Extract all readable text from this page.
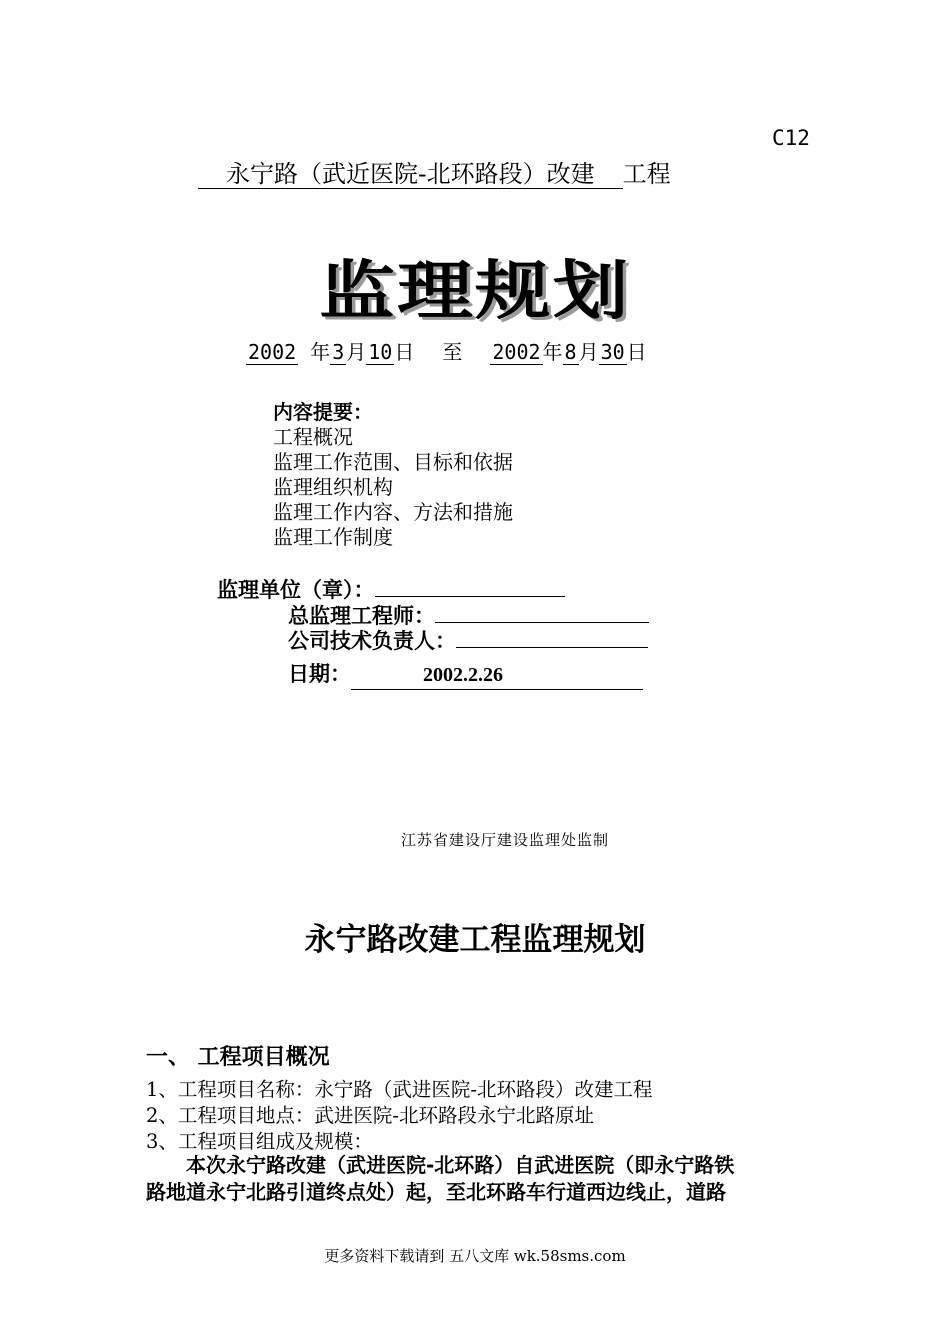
C12
永宁路（武近医院-北环路段）改建 工程
监理规划
2002 年 3 月 10 日 至 2002 年 8 月 30 日
内容提要：
工程概况
监理工作范围、目标和依据
监理组织机构
监理工作内容、方法和措施
监理工作制度
监理单位（章）：
总监理工程师：
公司技术负责人：
日期：	2002.2.26
江苏省建设厅建设监理处监制
永宁路改建工程监理规划
一、 工程项目概况
1、工程项目名称：永宁路（武进医院-北环路段）改建工程
2、工程项目地点：武进医院-北环路段永宁北路原址
3、工程项目组成及规模：
本次永宁路改建（武进医院-北环路）自武进医院（即永宁路铁
路地道永宁北路引道终点处）起，至北环路车行道西边线止，道路
更多资料下载请到 五八文库 wk.58sms.com
